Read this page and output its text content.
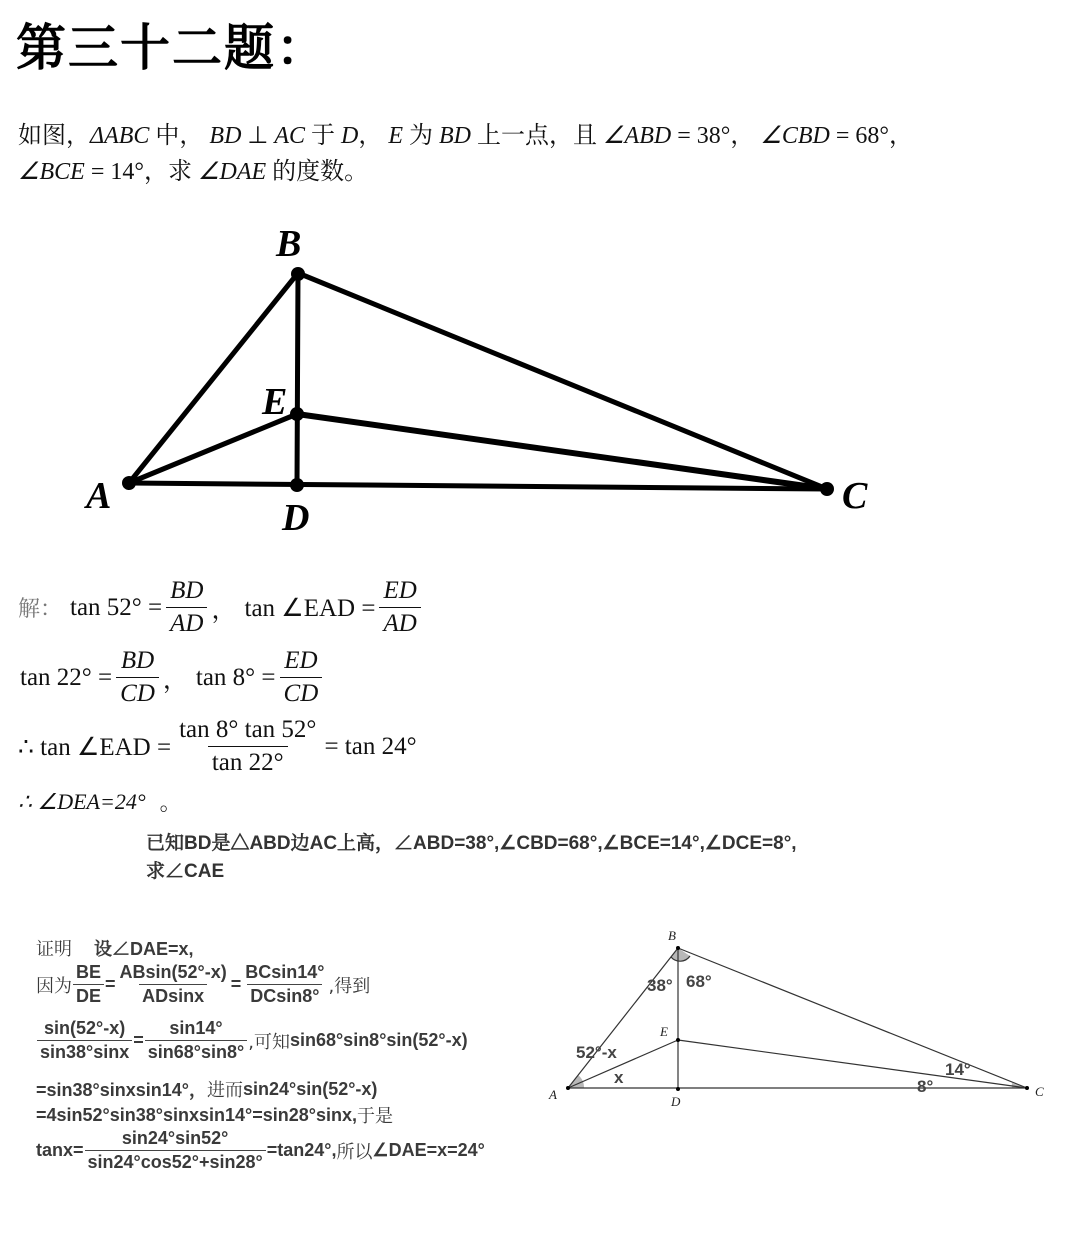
第三十二题：
如图，ΔABC 中， BD ⊥ AC 于 D， E 为 BD 上一点，且 ∠ABD = 38°， ∠CBD = 68°，
∠BCE = 14°，求 ∠DAE 的度数。
B
E
A
D
C
解： $\tan 52^\circ = \frac{BD}{AD}$ ， tan ∠EAD = $\frac{ED}{AD}$
$\tan 22^\circ = \frac{BD}{CD}$ ， $\tan 8^\circ = \frac{ED}{CD}$
∴ tan ∠EAD = $\frac{\tan 8^\circ \tan 52^\circ}{\tan 22^\circ} = \tan 24^\circ$
∴ ∠DEA=24° 。
已知BD是△ABD边AC上高，∠ABD=38°,∠CBD=68°,∠BCE=14°,∠DCE=8°,
求∠CAE
证明 设∠DAE=x,
因为 $\frac{BE}{DE} = \frac{ABsin(52^\circ-x)}{ADsinx} = \frac{BCsin14^\circ}{DCsin8^\circ}$ ,得到
$\frac{\sin(52^\circ-x)}{\sin 38^\circ\sin x} = \frac{\sin 14^\circ}{\sin 68^\circ\sin 8^\circ}$ ,可知 sin68°sin8°sin(52°-x)
=sin38°sinxsin14°， 进而 sin24°sin(52°-x)
=4sin52°sin38°sinxsin14°=sin28°sinx, 于是
$\tan x= \frac{\sin 24^\circ\sin 52^\circ}{\sin 24^\circ\cos 52^\circ+\sin 28^\circ} =\tan 24^\circ$, 所以 ∠DAE=x=24°
B
E
A	D
C
38° 68°
52°-x
x	14°
8°
